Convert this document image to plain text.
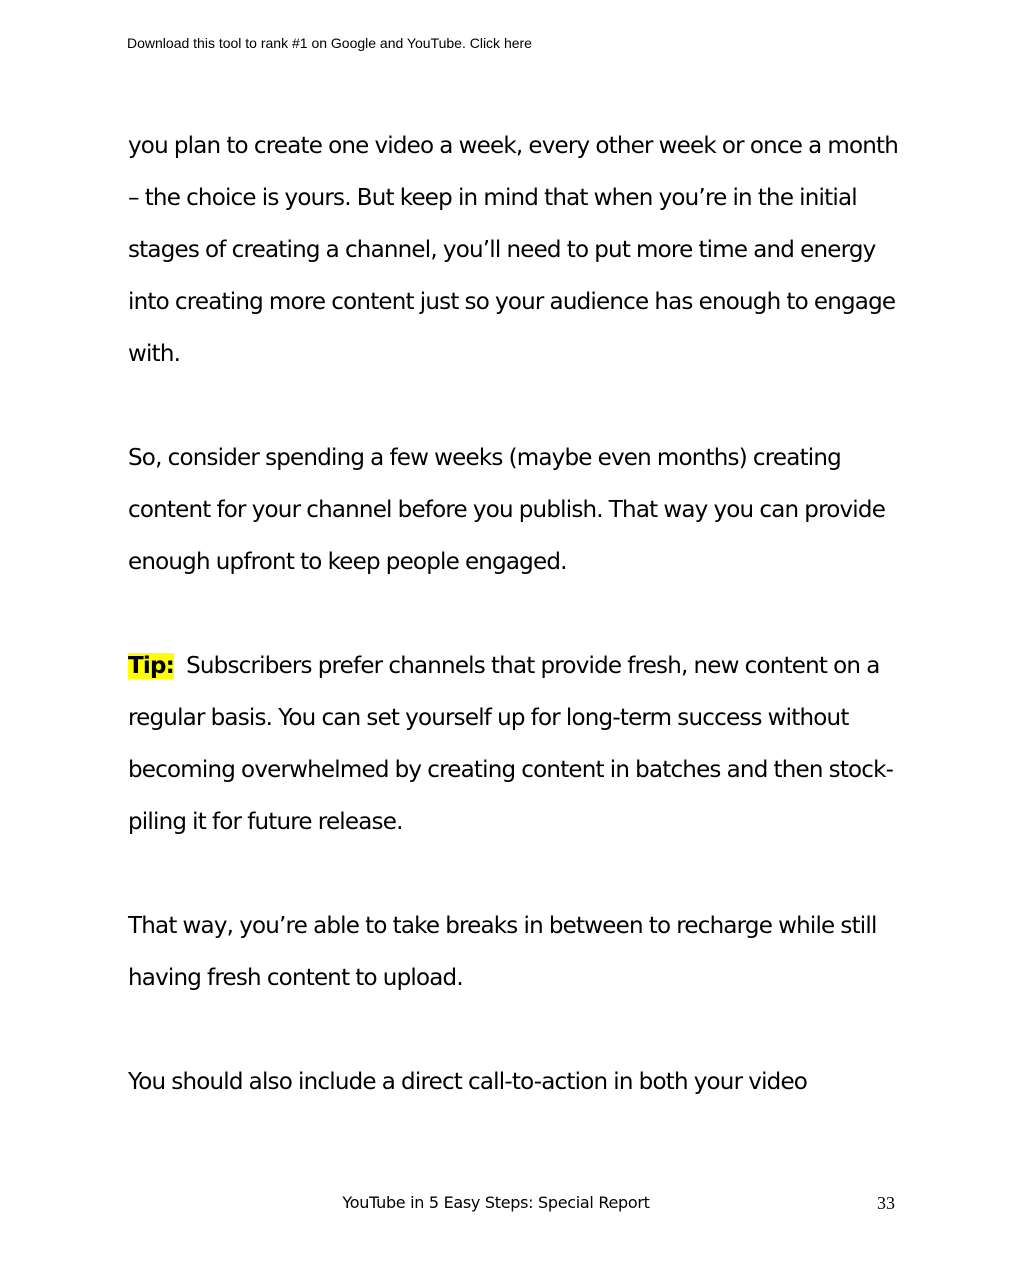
Download this tool to rank #1 on Google and YouTube. Click here

you plan to create one video a week, every other week or once a month – the choice is yours. But keep in mind that when you’re in the initial stages of creating a channel, you’ll need to put more time and energy into creating more content just so your audience has enough to engage with.

So, consider spending a few weeks (maybe even months) creating content for your channel before you publish. That way you can provide enough upfront to keep people engaged.

Tip: Subscribers prefer channels that provide fresh, new content on a regular basis. You can set yourself up for long-term success without becoming overwhelmed by creating content in batches and then stock-piling it for future release.

That way, you’re able to take breaks in between to recharge while still having fresh content to upload.

You should also include a direct call-to-action in both your video

YouTube in 5 Easy Steps: Special Report	33
